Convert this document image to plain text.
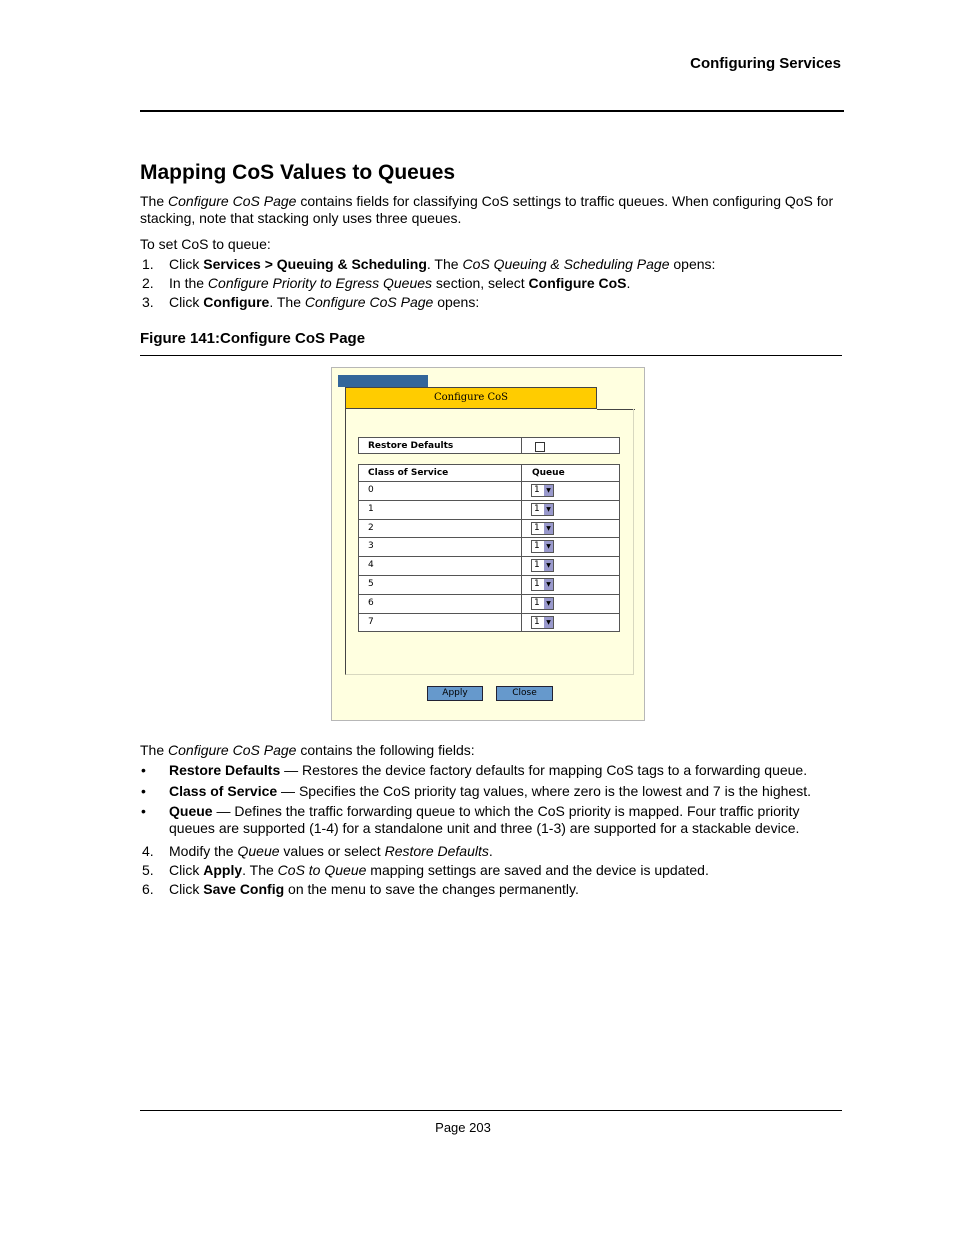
Configuring Services
Mapping CoS Values to Queues
The Configure CoS Page contains fields for classifying CoS settings to traffic queues. When configuring QoS for stacking, note that stacking only uses three queues.
To set CoS to queue:
1. Click Services > Queuing & Scheduling. The CoS Queuing & Scheduling Page opens:
2. In the Configure Priority to Egress Queues section, select Configure CoS.
3. Click Configure. The Configure CoS Page opens:
Figure 141:Configure CoS Page
Configure CoS
Restore Defaults
Class of Service	Queue
0	1	▼
1	1	▼
2	1	▼
3	1	▼
4	1	▼
5	1	▼
6	1	▼
7	1	▼
Apply	Close
The Configure CoS Page contains the following fields:
• Restore Defaults — Restores the device factory defaults for mapping CoS tags to a forwarding queue.
• Class of Service — Specifies the CoS priority tag values, where zero is the lowest and 7 is the highest.
• Queue — Defines the traffic forwarding queue to which the CoS priority is mapped. Four traffic priority queues are supported (1-4) for a standalone unit and three (1-3) are supported for a stackable device.
4. Modify the Queue values or select Restore Defaults.
5. Click Apply. The CoS to Queue mapping settings are saved and the device is updated.
6. Click Save Config on the menu to save the changes permanently.
Page 203
